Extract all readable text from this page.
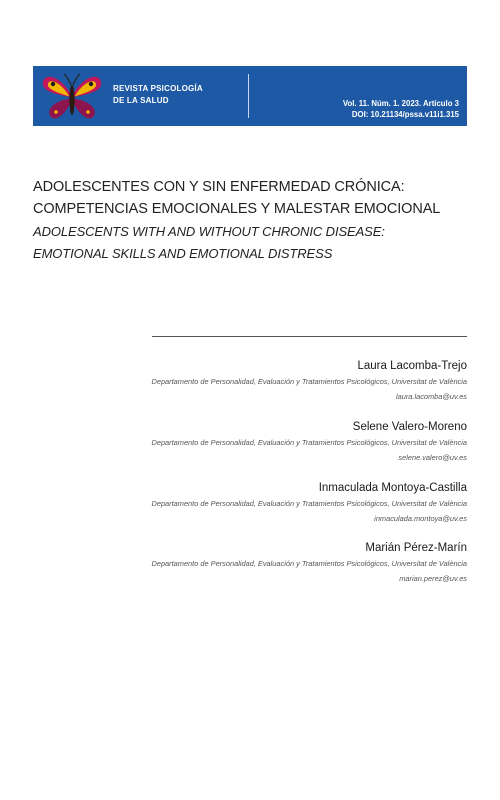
REVISTA PSICOLOGÍA
DE LA SALUD	Vol. 11. Núm. 1. 2023. Artículo 3
DOI: 10.21134/pssa.v11i1.315
ADOLESCENTES CON Y SIN ENFERMEDAD CRÓNICA:
COMPETENCIAS EMOCIONALES Y MALESTAR EMOCIONAL
ADOLESCENTS WITH AND WITHOUT CHRONIC DISEASE:
EMOTIONAL SKILLS AND EMOTIONAL DISTRESS
Laura Lacomba-Trejo
Departamento de Personalidad, Evaluación y Tratamientos Psicológicos, Universitat de València
laura.lacomba@uv.es
Selene Valero-Moreno
Departamento de Personalidad, Evaluación y Tratamientos Psicológicos, Universitat de València
selene.valero@uv.es
Inmaculada Montoya-Castilla
Departamento de Personalidad, Evaluación y Tratamientos Psicológicos, Universitat de València
inmaculada.montoya@uv.es
Marián Pérez-Marín
Departamento de Personalidad, Evaluación y Tratamientos Psicológicos, Universitat de València
marian.perez@uv.es
